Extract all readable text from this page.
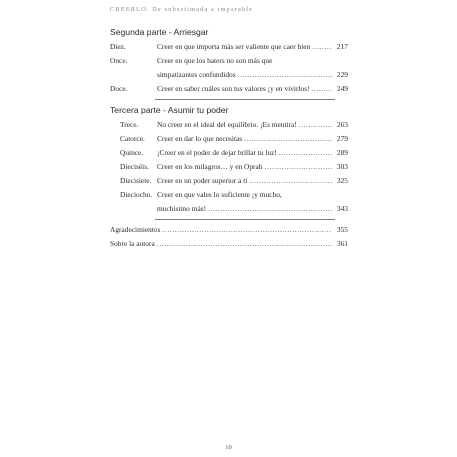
CREERLO. De subestimada a imparable
Segunda parte - Arriesgar
Diez.	Creer en que importa más ser valiente que caer bien .....	217
Once.	Creer en que los haters no son más que
simpatizantes confundidos .....	229
Doce.	Creer en saber cuáles son tus valores ¡y en vivirlos! .....	249
Tercera parte - Asumir tu poder
Trece.	No creer en el ideal del equilibrio. ¡Es mentira! .....	263
Catorce. Creer en dar lo que necesitas .....	279
Quince. ¡Creer en el poder de dejar brillar tu luz! .....	289
Dieciséis. Creer en los milagros… y en Oprah .....	303
Diecisiete. Creer en un poder superior a ti .....	325
Dieciocho. Creer en que vales lo suficiente ¡y mucho,
muchísimo más! .....	343
Agradecimientos .....	355
Sobre la autora .....	361
10
